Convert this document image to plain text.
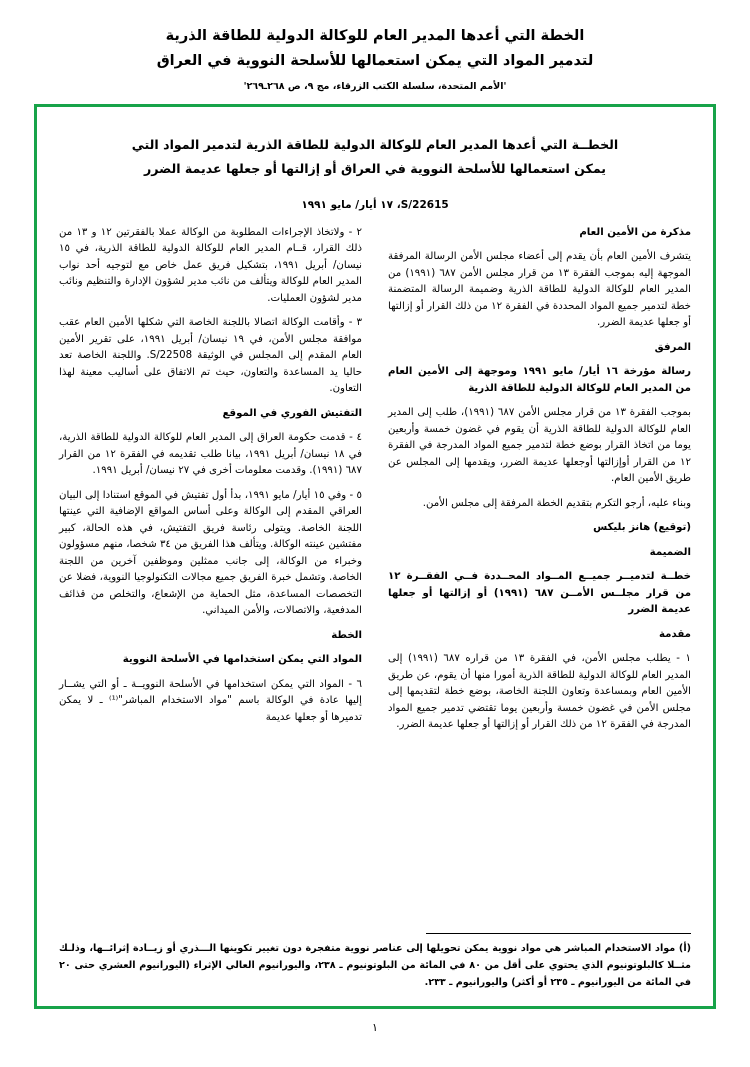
الخطة التي أعدها المدير العام للوكالة الدولية للطاقة الذرية
لتدمير المواد التي يمكن استعمالها للأسلحة النووية في العراق
'الأمم المتحدة، سلسلة الكتب الزرقاء، مج ٩، ص ٢٦٨ـ٢٦٩'
الخطــة التي أعدها المدير العام للوكالة الدولية للطاقة الذرية لتدمير المواد التي يمكن استعمالها للأسلحة النووية في العراق أو إزالتها أو جعلها عديمة الضرر
S/22615، ١٧ أيار/ مايو ١٩٩١

مذكرة من الأمين العام

يتشرف الأمين العام بأن يقدم إلى أعضاء مجلس الأمن الرسالة المرفقة الموجهة إليه بموجب الفقرة ١٣ من قرار مجلس الأمن ٦٨٧ (١٩٩١) من المدير العام للوكالة الدولية للطاقة الذرية وضميمة الرسالة المتضمنة خطة لتدمير جميع المواد المحددة في الفقرة ١٢ من ذلك القرار أو إزالتها أو جعلها عديمة الضرر.

المرفق

رسالة مؤرخة ١٦ أيار/ مايو ١٩٩١ وموجهة إلى الأمين العام من المدير العام للوكالة الدولية للطاقة الذرية

بموجب الفقرة ١٣ من قرار مجلس الأمن ٦٨٧ (١٩٩١)، طلب إلى المدير العام للوكالة الدولية للطاقة الذرية أن يقوم في غضون خمسة وأربعين يوما من اتخاذ القرار بوضع خطة لتدمير جميع المواد المدرجة في الفقرة ١٢ من القرار أوإزالتها أوجعلها عديمة الضرر، ويقدمها إلى المجلس عن طريق الأمين العام.

وبناء عليه، أرجو التكرم بتقديم الخطة المرفقة إلى مجلس الأمن.

(توقيع) هانز بليكس

الضميمة

خطــة لتدميــر جميــع المــواد المحــددة فــي الفقــرة ١٢ من قرار مجلــس الأمــن ٦٨٧ (١٩٩١) أو إزالتها أو جعلها عديمة الضرر

مقدمة

١ - يطلب مجلس الأمن، في الفقرة ١٣ من قراره ٦٨٧ (١٩٩١) إلى المدير العام للوكالة الدولية للطاقة الذرية أمورا منها أن يقوم، عن طريق الأمين العام وبمساعدة وتعاون اللجنة الخاصة، بوضع خطة لتقديمها إلى مجلس الأمن في غضون خمسة وأربعين يوما تقتضي تدمير جميع المواد المدرجة في الفقرة ١٢ من ذلك القرار أو إزالتها أو جعلها عديمة الضرر.

٢ - ولاتخاذ الإجراءات المطلوبة من الوكالة عملا بالفقرتين ١٢ و ١٣ من ذلك القرار، قــام المدير العام للوكالة الدولية للطاقة الذرية، في ١٥ نيسان/ أبريل ١٩٩١، بتشكيل فريق عمل خاص مع لتوجيه أحد نواب المدير العام للوكالة ويتألف من نائب مدير لشؤون الإدارة والتنظيم ونائب مدير لشؤون العمليات.

٣ - وأقامت الوكالة اتصالا باللجنة الخاصة التي شكلها الأمين العام عقب موافقة مجلس الأمن، في ١٩ نيسان/ أبريل ١٩٩١، على تقرير الأمين العام المقدم إلى المجلس في الوثيقة S/22508. واللجنة الخاصة تعد حاليا يد المساعدة والتعاون، حيث تم الاتفاق على أساليب معينة لهذا التعاون.

التفتيش الفوري في الموقع

٤ - قدمت حكومة العراق إلى المدير العام للوكالة الدولية للطاقة الذرية، في ١٨ نيسان/ أبريل ١٩٩١، بيانا طلب تقديمه في الفقرة ١٢ من القرار ٦٨٧ (١٩٩١). وقدمت معلومات أخرى في ٢٧ نيسان/ أبريل ١٩٩١.

٥ - وفي ١٥ أيار/ مايو ١٩٩١، بدأ أول تفتيش في الموقع استنادا إلى البيان العراقي المقدم إلى الوكالة وعلى أساس المواقع الإضافية التي عينتها اللجنة الخاصة. ويتولى رئاسة فريق التفتيش، في هذه الحالة، كبير مفتشين عينته الوكالة. ويتألف هذا الفريق من ٣٤ شخصا، منهم مسؤولون وخبراء من الوكالة، إلى جانب ممثلين وموظفين آخرين من اللجنة الخاصة. وتشمل خبرة الفريق جميع مجالات التكنولوجيا النووية، فضلا عن التخصصات المساعدة، مثل الحماية من الإشعاع، والتخلص من قذائف المدفعية، والاتصالات، والأمن الميداني.

الخطة

المواد التي يمكن استخدامها في الأسلحة النووية

٦ - المواد التي يمكن استخدامها في الأسلحة النوويــة ـ أو التي يشــار إليها عادة في الوكالة باسم "مواد الاستخدام المباشر"⁽¹⁾ ـ لا يمكن تدميرها أو جعلها عديمة

(أ) مواد الاستخدام المباشر هي مواد نووية يمكن تحويلها إلى عناصر نووية متفجرة دون تغيير تكوينها الـــذري أو زيــادة إثرائــها، وذلـك مثــلا كالبلوتونيوم الذي يحتوي على أقل من ٨٠ في المائة من البلوتونيوم ـ ٢٣٨، واليورانيوم العالي الإثراء (اليورانيوم العشري حتى ٢٠ في المائة من اليورانيوم ـ ٢٣٥ أو أكثر) واليورانيوم ـ ٢٣٣.
١
